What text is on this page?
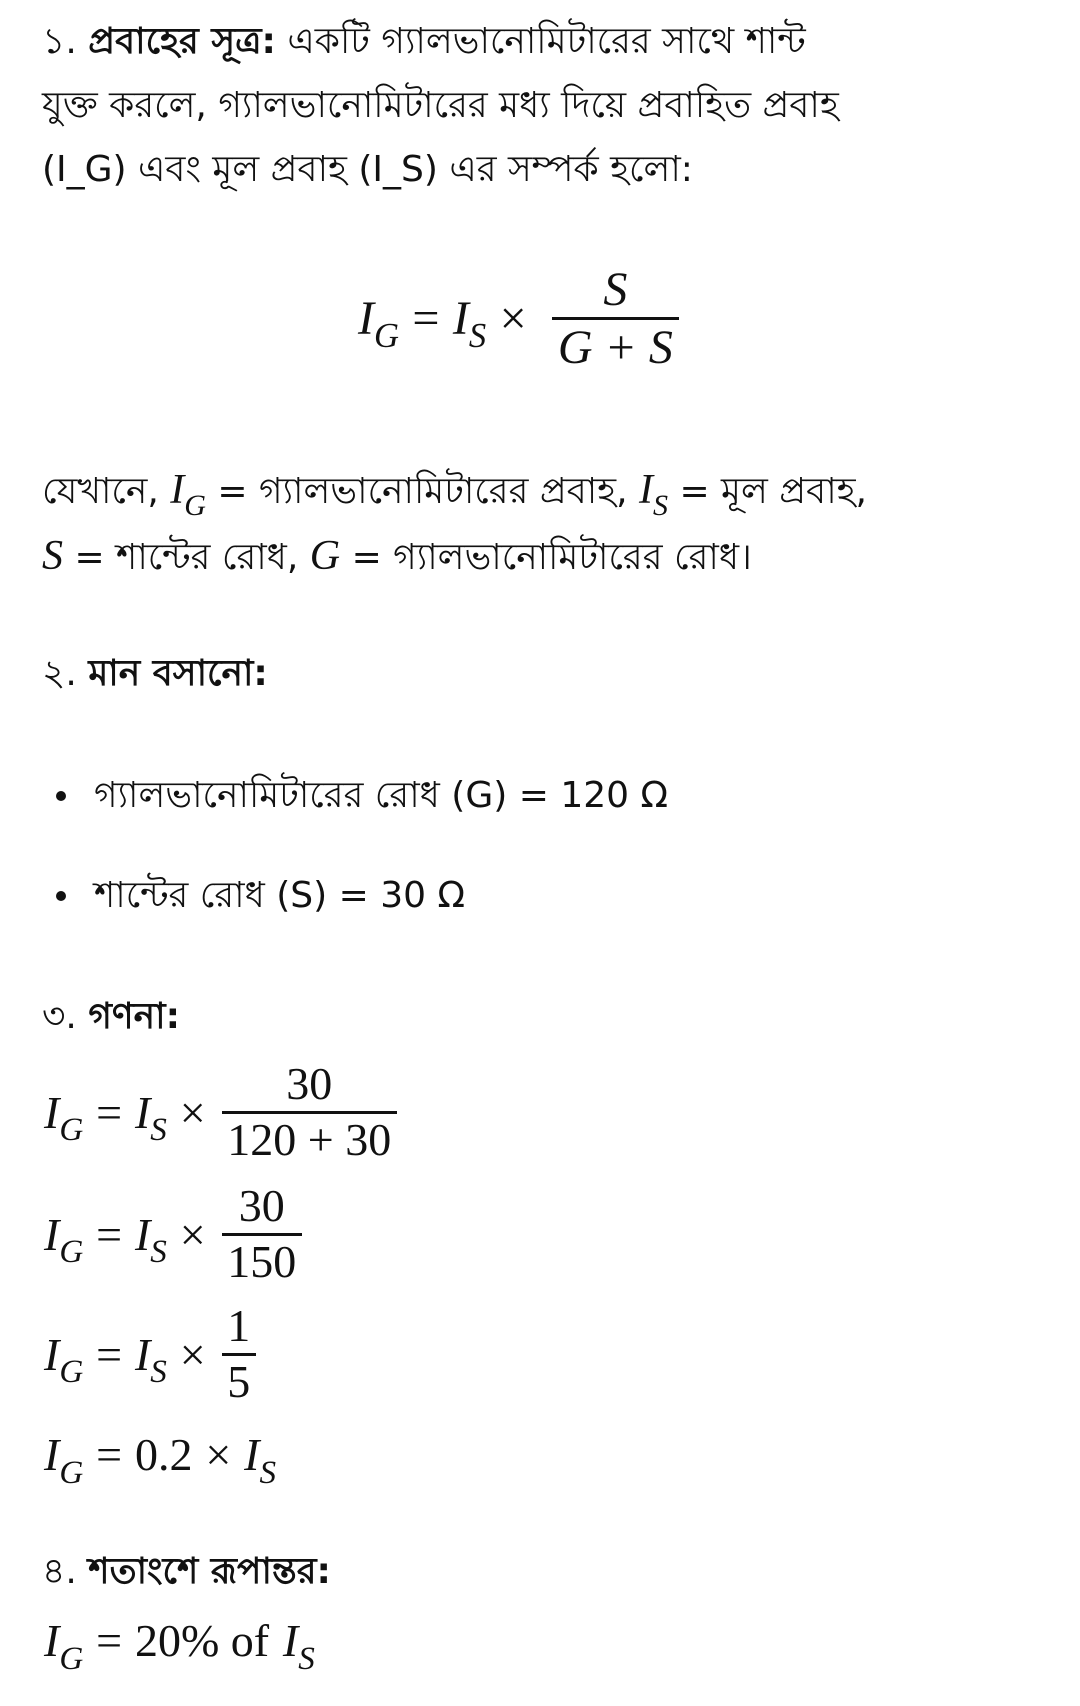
১. প্রবাহের সূত্র: একটি গ্যালভানোমিটারের সাথে শান্ট
যুক্ত করলে, গ্যালভানোমিটারের মধ্য দিয়ে প্রবাহিত প্রবাহ
(I_G) এবং মূল প্রবাহ (I_S) এর সম্পর্ক হলো:
$I_G = I_S \times \frac{S}{G + S}$
যেখানে, $I_G$ = গ্যালভানোমিটারের প্রবাহ, $I_S$ = মূল প্রবাহ,
S = শান্টের রোধ, G = গ্যালভানোমিটারের রোধ।
২. মান বসানো:
গ্যালভানোমিটারের রোধ (G) = 120 Ω
শান্টের রোধ (S) = 30 Ω
৩. গণনা:
$I_G = I_S \times \frac{30}{120 + 30}$
$I_G = I_S \times \frac{30}{150}$
$I_G = I_S \times \frac{1}{5}$
$I_G = 0.2 \times I_S$
৪. শতাংশে রূপান্তর:
$I_G = 20\%$ of $I_S$
